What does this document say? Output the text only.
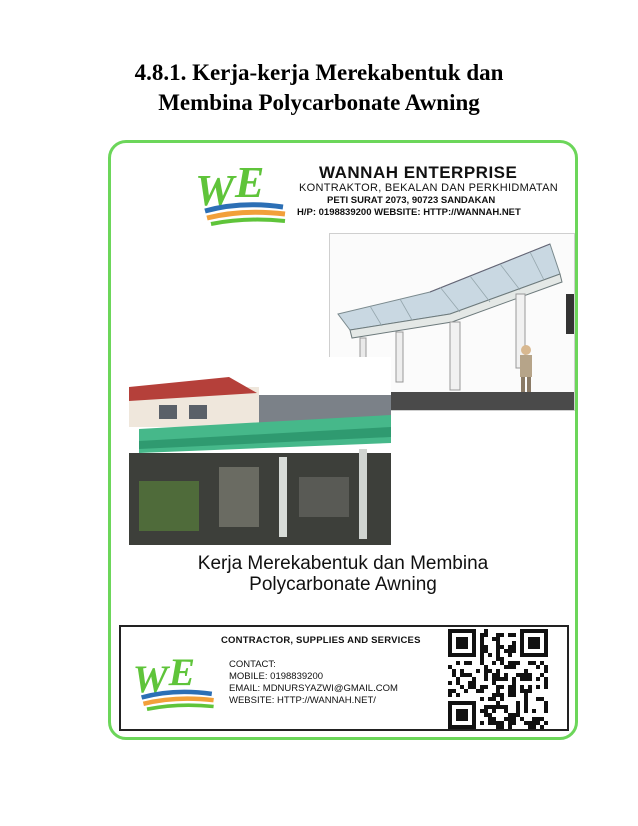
4.8.1. Kerja-kerja Merekabentuk dan
Membina Polycarbonate Awning
W E	WANNAH ENTERPRISE
KONTRAKTOR, BEKALAN DAN PERKHIDMATAN
PETI SURAT 2073, 90723 SANDAKAN
H/P: 0198839200 WEBSITE: HTTP://WANNAH.NET
Kerja Merekabentuk dan Membina
Polycarbonate Awning
W E
CONTRACTOR, SUPPLIES AND SERVICES
CONTACT:
MOBILE: 0198839200
EMAIL: MDNURSYAZWI@GMAIL.COM
WEBSITE: HTTP://WANNAH.NET/
